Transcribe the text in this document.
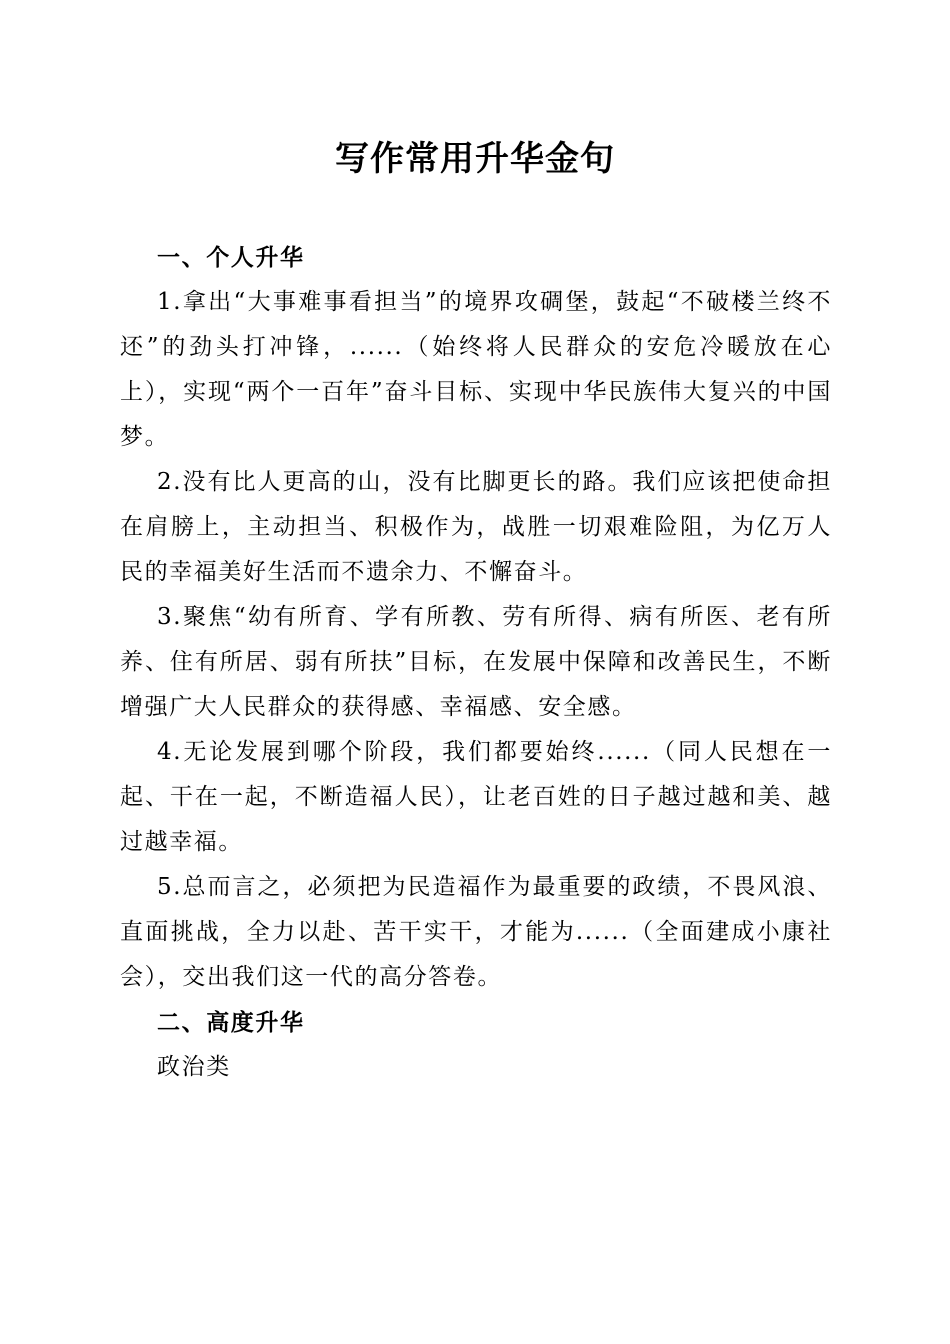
写作常用升华金句

一、个人升华

1.拿出“大事难事看担当”的境界攻碉堡，鼓起“不破楼兰终不还”的劲头打冲锋，......（始终将人民群众的安危冷暖放在心上），实现“两个一百年”奋斗目标、实现中华民族伟大复兴的中国梦。

2.没有比人更高的山，没有比脚更长的路。我们应该把使命担在肩膀上，主动担当、积极作为，战胜一切艰难险阻，为亿万人民的幸福美好生活而不遗余力、不懈奋斗。

3.聚焦“幼有所育、学有所教、劳有所得、病有所医、老有所养、住有所居、弱有所扶”目标，在发展中保障和改善民生，不断增强广大人民群众的获得感、幸福感、安全感。

4.无论发展到哪个阶段，我们都要始终......（同人民想在一起、干在一起，不断造福人民），让老百姓的日子越过越和美、越过越幸福。

5.总而言之，必须把为民造福作为最重要的政绩，不畏风浪、直面挑战，全力以赴、苦干实干，才能为......（全面建成小康社会），交出我们这一代的高分答卷。

二、高度升华

政治类
